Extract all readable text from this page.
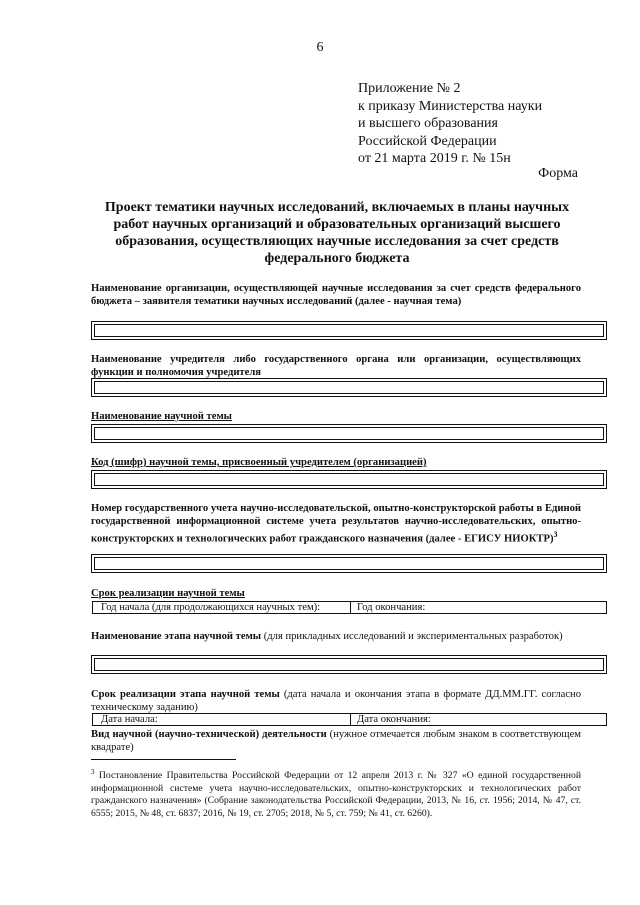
6
Приложение № 2
к приказу Министерства науки
и высшего образования
Российской Федерации
от 21 марта 2019 г. № 15н
Форма
Проект тематики научных исследований, включаемых в планы научных работ научных организаций и образовательных организаций высшего образования, осуществляющих научные исследования за счет средств федерального бюджета
Наименование организации, осуществляющей научные исследования за счет средств федерального бюджета – заявителя тематики научных исследований (далее - научная тема)
Наименование учредителя либо государственного органа или организации, осуществляющих функции и полномочия учредителя
Наименование научной темы
Код (шифр) научной темы, присвоенный учредителем (организацией)
Номер государственного учета научно-исследовательской, опытно-конструкторской работы в Единой государственной информационной системе учета результатов научно-исследовательских, опытно-конструкторских и технологических работ гражданского назначения (далее - ЕГИСУ НИОКТР)$^3$
Срок реализации научной темы
Год начала (для продолжающихся научных тем):	Год окончания:
Наименование этапа научной темы (для прикладных исследований и экспериментальных разработок)
Срок реализации этапа научной темы (дата начала и окончания этапа в формате ДД.ММ.ГГ. согласно техническому заданию)
Дата начала:	Дата окончания:
Вид научной (научно-технической) деятельности (нужное отмечается любым знаком в соответствующем квадрате)
$^3$ Постановление Правительства Российской Федерации от 12 апреля 2013 г. № 327 «О единой государственной информационной системе учета научно-исследовательских, опытно-конструкторских и технологических работ гражданского назначения» (Собрание законодательства Российской Федерации, 2013, № 16, ст. 1956; 2014, № 47, ст. 6555; 2015, № 48, ст. 6837; 2016, № 19, ст. 2705; 2018, № 5, ст. 759; № 41, ст. 6260).
